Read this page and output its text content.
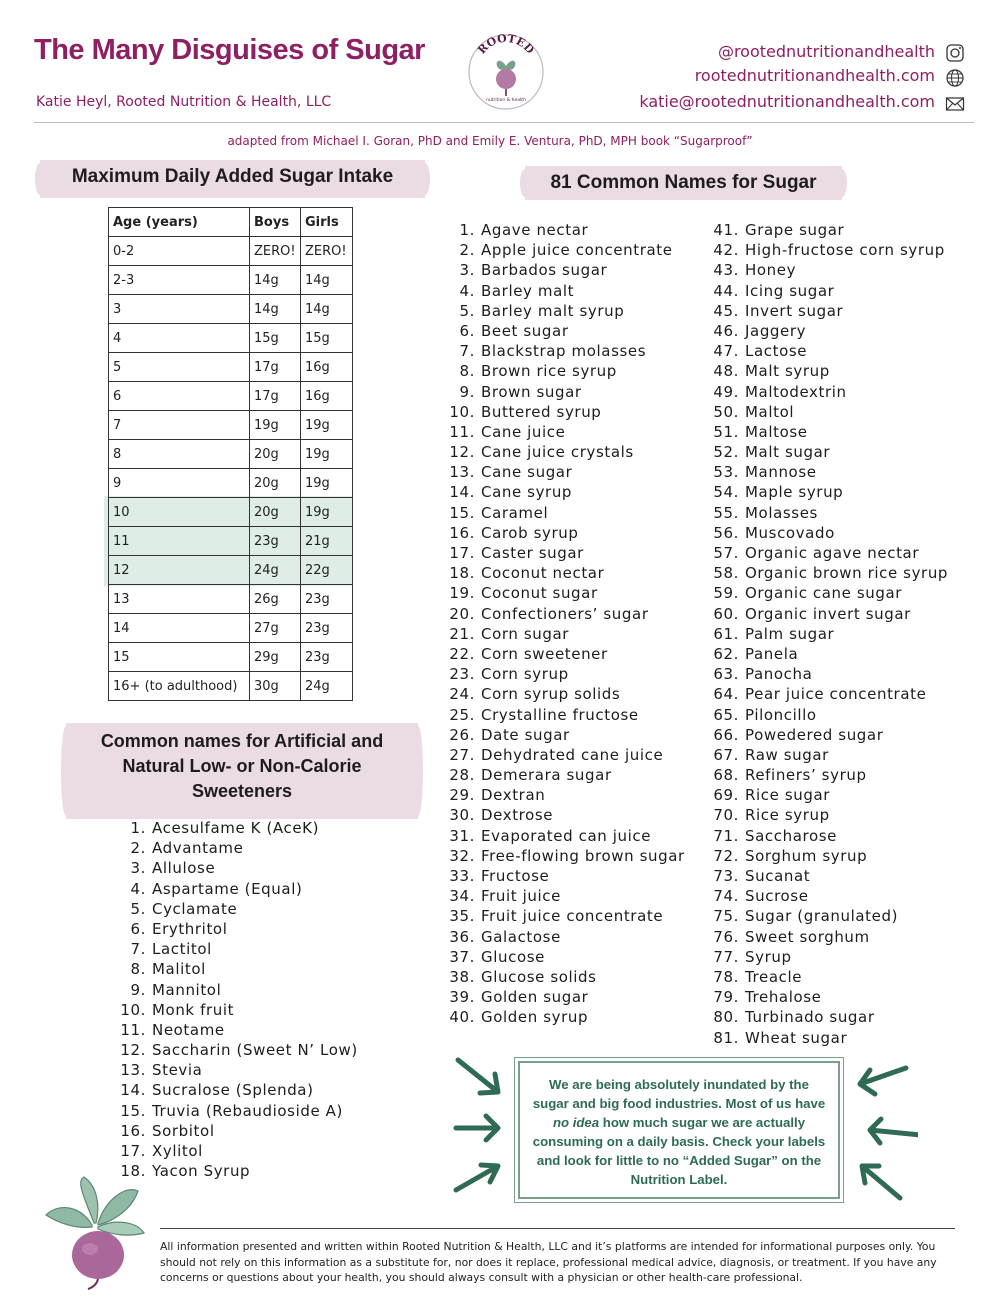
The Many Disguises of Sugar
Katie Heyl, Rooted Nutrition & Health, LLC
ROOTED
nutrition & health
@rootednutritionandhealth
rootednutritionandhealth.com
katie@rootednutritionandhealth.com
adapted from Michael I. Goran, PhD and Emily E. Ventura, PhD, MPH book “Sugarproof”
Maximum Daily Added Sugar Intake
Age (years)	Boys	Girls
0-2	ZERO!	ZERO!
2-3	14g	14g
3	14g	14g
4	15g	15g
5	17g	16g
6	17g	16g
7	19g	19g
8	20g	19g
9	20g	19g
10	20g	19g
11	23g	21g
12	24g	22g
13	26g	23g
14	27g	23g
15	29g	23g
16+ (to adulthood)	30g	24g
Common names for Artificial and
Natural Low- or Non-Calorie
Sweeteners
1. Acesulfame K (AceK)
2. Advantame
3. Allulose
4. Aspartame (Equal)
5. Cyclamate
6. Erythritol
7. Lactitol
8. Malitol
9. Mannitol
10. Monk fruit
11. Neotame
12. Saccharin (Sweet N’ Low)
13. Stevia
14. Sucralose (Splenda)
15. Truvia (Rebaudioside A)
16. Sorbitol
17. Xylitol
18. Yacon Syrup
81 Common Names for Sugar
1. Agave nectar
2. Apple juice concentrate
3. Barbados sugar
4. Barley malt
5. Barley malt syrup
6. Beet sugar
7. Blackstrap molasses
8. Brown rice syrup
9. Brown sugar
10. Buttered syrup
11. Cane juice
12. Cane juice crystals
13. Cane sugar
14. Cane syrup
15. Caramel
16. Carob syrup
17. Caster sugar
18. Coconut nectar
19. Coconut sugar
20. Confectioners’ sugar
21. Corn sugar
22. Corn sweetener
23. Corn syrup
24. Corn syrup solids
25. Crystalline fructose
26. Date sugar
27. Dehydrated cane juice
28. Demerara sugar
29. Dextran
30. Dextrose
31. Evaporated can juice
32. Free-flowing brown sugar
33. Fructose
34. Fruit juice
35. Fruit juice concentrate
36. Galactose
37. Glucose
38. Glucose solids
39. Golden sugar
40. Golden syrup
41. Grape sugar
42. High-fructose corn syrup
43. Honey
44. Icing sugar
45. Invert sugar
46. Jaggery
47. Lactose
48. Malt syrup
49. Maltodextrin
50. Maltol
51. Maltose
52. Malt sugar
53. Mannose
54. Maple syrup
55. Molasses
56. Muscovado
57. Organic agave nectar
58. Organic brown rice syrup
59. Organic cane sugar
60. Organic invert sugar
61. Palm sugar
62. Panela
63. Panocha
64. Pear juice concentrate
65. Piloncillo
66. Powedered sugar
67. Raw sugar
68. Refiners’ syrup
69. Rice sugar
70. Rice syrup
71. Saccharose
72. Sorghum syrup
73. Sucanat
74. Sucrose
75. Sugar (granulated)
76. Sweet sorghum
77. Syrup
78. Treacle
79. Trehalose
80. Turbinado sugar
81. Wheat sugar
We are being absolutely inundated by the sugar and big food industries. Most of us have no idea how much sugar we are actually consuming on a daily basis. Check your labels and look for little to no “Added Sugar” on the Nutrition Label.
All information presented and written within Rooted Nutrition & Health, LLC and it’s platforms are intended for informational purposes only. You should not rely on this information as a substitute for, nor does it replace, professional medical advice, diagnosis, or treatment. If you have any concerns or questions about your health, you should always consult with a physician or other health-care professional.
